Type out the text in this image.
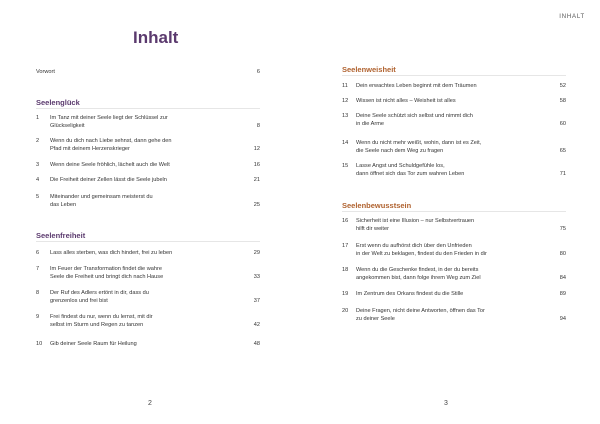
INHALT
Inhalt
Vorwort	6
Seelenglück
1 Im Tanz mit deiner Seele liegt der Schlüssel zur
Glückseligkeit	8
2 Wenn du dich nach Liebe sehnst, dann gehe den
Pfad mit deinem Herzenskrieger	12
3 Wenn deine Seele fröhlich, lächelt auch die Welt	16
4 Die Freiheit deiner Zellen lässt die Seele jubeln	21
5 Miteinander und gemeinsam meisterst du
das Leben	25
Seelenfreiheit
6 Lass alles sterben, was dich hindert, frei zu leben	29
7 Im Feuer der Transformation findet die wahre
Seele die Freiheit und bringt dich nach Hause	33
8 Der Ruf des Adlers ertönt in dir, dass du
grenzenlos und frei bist	37
9 Frei findest du nur, wenn du lernst, mit dir
selbst im Sturm und Regen zu tanzen	42
10 Gib deiner Seele Raum für Heilung	48
2
Seelenweisheit
11 Dein erwachtes Leben beginnt mit dem Träumen	52
12 Wissen ist nicht alles – Weisheit ist alles	58
13 Deine Seele schützt sich selbst und nimmt dich
in die Arme	60
14 Wenn du nicht mehr weißt, wohin, dann ist es Zeit,
die Seele nach dem Weg zu fragen	65
15 Lasse Angst und Schuldgefühle los,
dann öffnet sich das Tor zum wahren Leben	71
Seelenbewusstsein
16 Sicherheit ist eine Illusion – nur Selbstvertrauen
hilft dir weiter	75
17 Erst wenn du aufhörst dich über den Unfrieden
in der Welt zu beklagen, findest du den Frieden in dir	80
18 Wenn du die Geschenke findest, in der du bereits
angekommen bist, dann folge ihrem Weg zum Ziel	84
19 Im Zentrum des Orkans findest du die Stille	89
20 Deine Fragen, nicht deine Antworten, öffnen das Tor
zu deiner Seele	94
3
